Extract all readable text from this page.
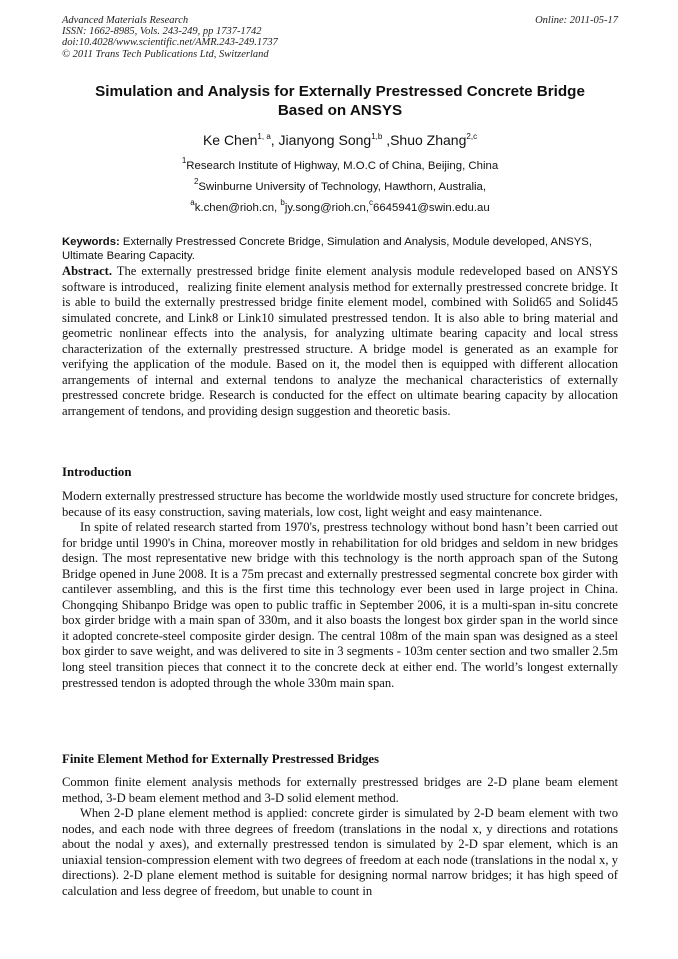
Advanced Materials Research
ISSN: 1662-8985, Vols. 243-249, pp 1737-1742
doi:10.4028/www.scientific.net/AMR.243-249.1737
© 2011 Trans Tech Publications Ltd, Switzerland
Online: 2011-05-17
Simulation and Analysis for Externally Prestressed Concrete Bridge
Based on ANSYS
Ke Chen$^{1, a}$, Jianyong Song$^{1,b}$ ,Shuo Zhang$^{2,c}$
$^1$Research Institute of Highway, M.O.C of China, Beijing, China
$^2$Swinburne University of Technology, Hawthorn, Australia,
$^a$k.chen@rioh.cn, $^b$jy.song@rioh.cn,$^c$6645941@swin.edu.au
Keywords: Externally Prestressed Concrete Bridge, Simulation and Analysis, Module developed, ANSYS, Ultimate Bearing Capacity.
Abstract. The externally prestressed bridge finite element analysis module redeveloped based on ANSYS software is introduced，realizing finite element analysis method for externally prestressed concrete bridge. It is able to build the externally prestressed bridge finite element model, combined with Solid65 and Solid45 simulated concrete, and Link8 or Link10 simulated prestressed tendon. It is also able to bring material and geometric nonlinear effects into the analysis, for analyzing ultimate bearing capacity and local stress characterization of the externally prestressed structure. A bridge model is generated as an example for verifying the application of the module. Based on it, the model then is equipped with different allocation arrangements of internal and external tendons to analyze the mechanical characteristics of externally prestressed concrete bridge. Research is conducted for the effect on ultimate bearing capacity by allocation arrangement of tendons, and providing design suggestion and theoretic basis.
Introduction

Modern externally prestressed structure has become the worldwide mostly used structure for concrete bridges, because of its easy construction, saving materials, low cost, light weight and easy maintenance.

In spite of related research started from 1970's, prestress technology without bond hasn’t been carried out for bridge until 1990's in China, moreover mostly in rehabilitation for old bridges and seldom in new bridges design. The most representative new bridge with this technology is the north approach span of the Sutong Bridge opened in June 2008. It is a 75m precast and externally prestressed segmental concrete box girder with cantilever assembling, and this is the first time this technology ever been used in large project in China. Chongqing Shibanpo Bridge was open to public traffic in September 2006, it is a multi-span in-situ concrete box girder bridge with a main span of 330m, and it also boasts the longest box girder span in the world since it adopted concrete-steel composite girder design. The central 108m of the main span was designed as a steel box girder to save weight, and was delivered to site in 3 segments - 103m center section and two smaller 2.5m long steel transition pieces that connect it to the concrete deck at either end. The world’s longest externally prestressed tendon is adopted through the whole 330m main span.

Finite Element Method for Externally Prestressed Bridges

Common finite element analysis methods for externally prestressed bridges are 2-D plane beam element method, 3-D beam element method and 3-D solid element method.

When 2-D plane element method is applied: concrete girder is simulated by 2-D beam element with two nodes, and each node with three degrees of freedom (translations in the nodal x, y directions and rotations about the nodal y axes), and externally prestressed tendon is simulated by 2-D spar element, which is an uniaxial tension-compression element with two degrees of freedom at each node (translations in the nodal x, y directions). 2-D plane element method is suitable for designing normal narrow bridges; it has high speed of calculation and less degree of freedom, but unable to count in
